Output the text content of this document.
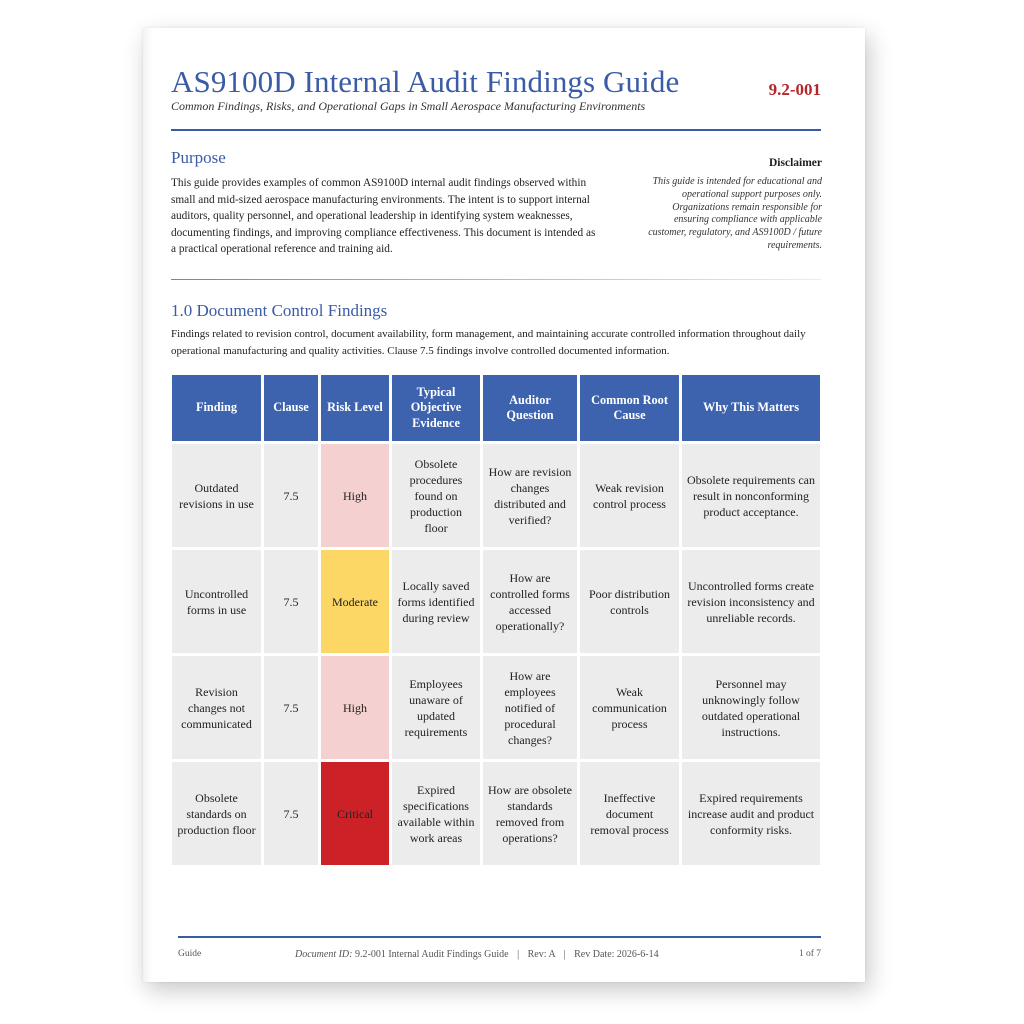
AS9100D Internal Audit Findings Guide	9.2-001
Common Findings, Risks, and Operational Gaps in Small Aerospace Manufacturing Environments
Purpose

This guide provides examples of common AS9100D internal audit findings observed within small and mid-sized aerospace manufacturing environments. The intent is to support internal auditors, quality personnel, and operational leadership in identifying system weaknesses, documenting findings, and improving compliance effectiveness. This document is intended as a practical operational reference and training aid.

Disclaimer

This guide is intended for educational and operational support purposes only. Organizations remain responsible for ensuring compliance with applicable customer, regulatory, and AS9100D / future requirements.

1.0 Document Control Findings

Findings related to revision control, document availability, form management, and maintaining accurate controlled information throughout daily operational manufacturing and quality activities. Clause 7.5 findings involve controlled documented information.

Finding	Clause	Risk Level	Typical Objective Evidence	Auditor Question	Common Root Cause	Why This Matters
Outdated revisions in use	7.5	High	Obsolete procedures found on production floor	How are revision changes distributed and verified?	Weak revision control process	Obsolete requirements can result in nonconforming product acceptance.
Uncontrolled forms in use	7.5	Moderate	Locally saved forms identified during review	How are controlled forms accessed operationally?	Poor distribution controls	Uncontrolled forms create revision inconsistency and unreliable records.
Revision changes not communicated	7.5	High	Employees unaware of updated requirements	How are employees notified of procedural changes?	Weak communication process	Personnel may unknowingly follow outdated operational instructions.
Obsolete standards on production floor	7.5	Critical	Expired specifications available within work areas	How are obsolete standards removed from operations?	Ineffective document removal process	Expired requirements increase audit and product conformity risks.
Guide	Document ID: 9.2-001 Internal Audit Findings Guide | Rev: A | Rev Date: 2026-6-14	1 of 7
